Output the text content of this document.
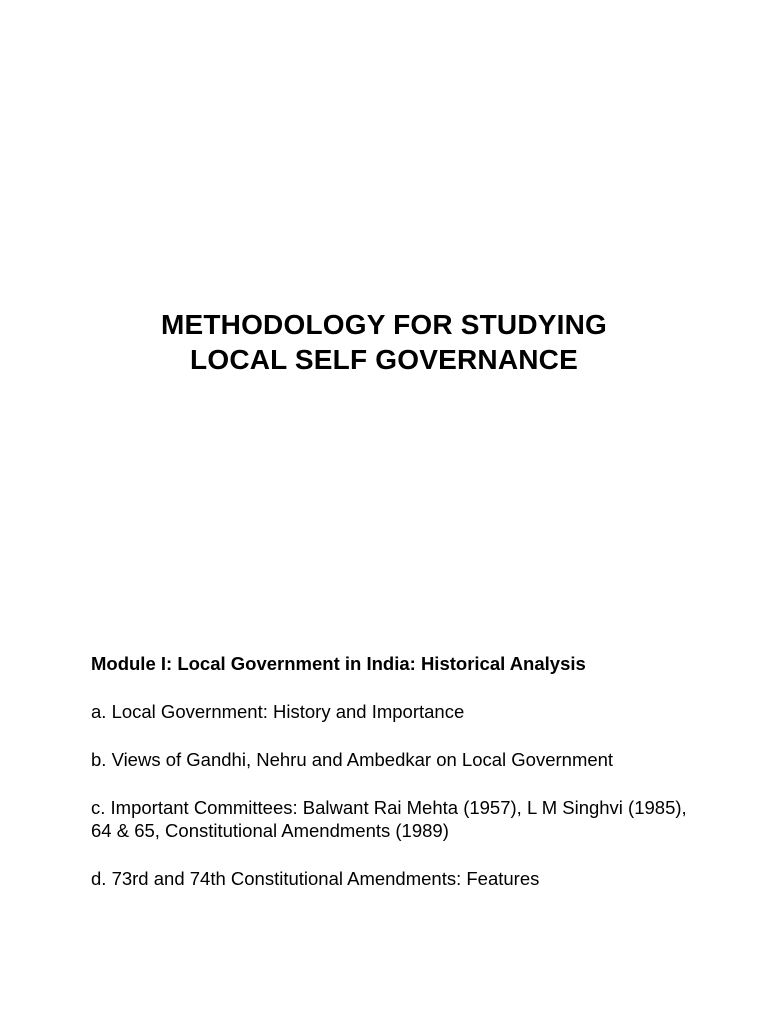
METHODOLOGY FOR STUDYING
LOCAL SELF GOVERNANCE
Module I: Local Government in India: Historical Analysis
a. Local Government: History and Importance
b. Views of Gandhi, Nehru and Ambedkar on Local Government
c. Important Committees: Balwant Rai Mehta (1957), L M Singhvi (1985), 64 & 65, Constitutional Amendments (1989)
d. 73rd and 74th Constitutional Amendments: Features
